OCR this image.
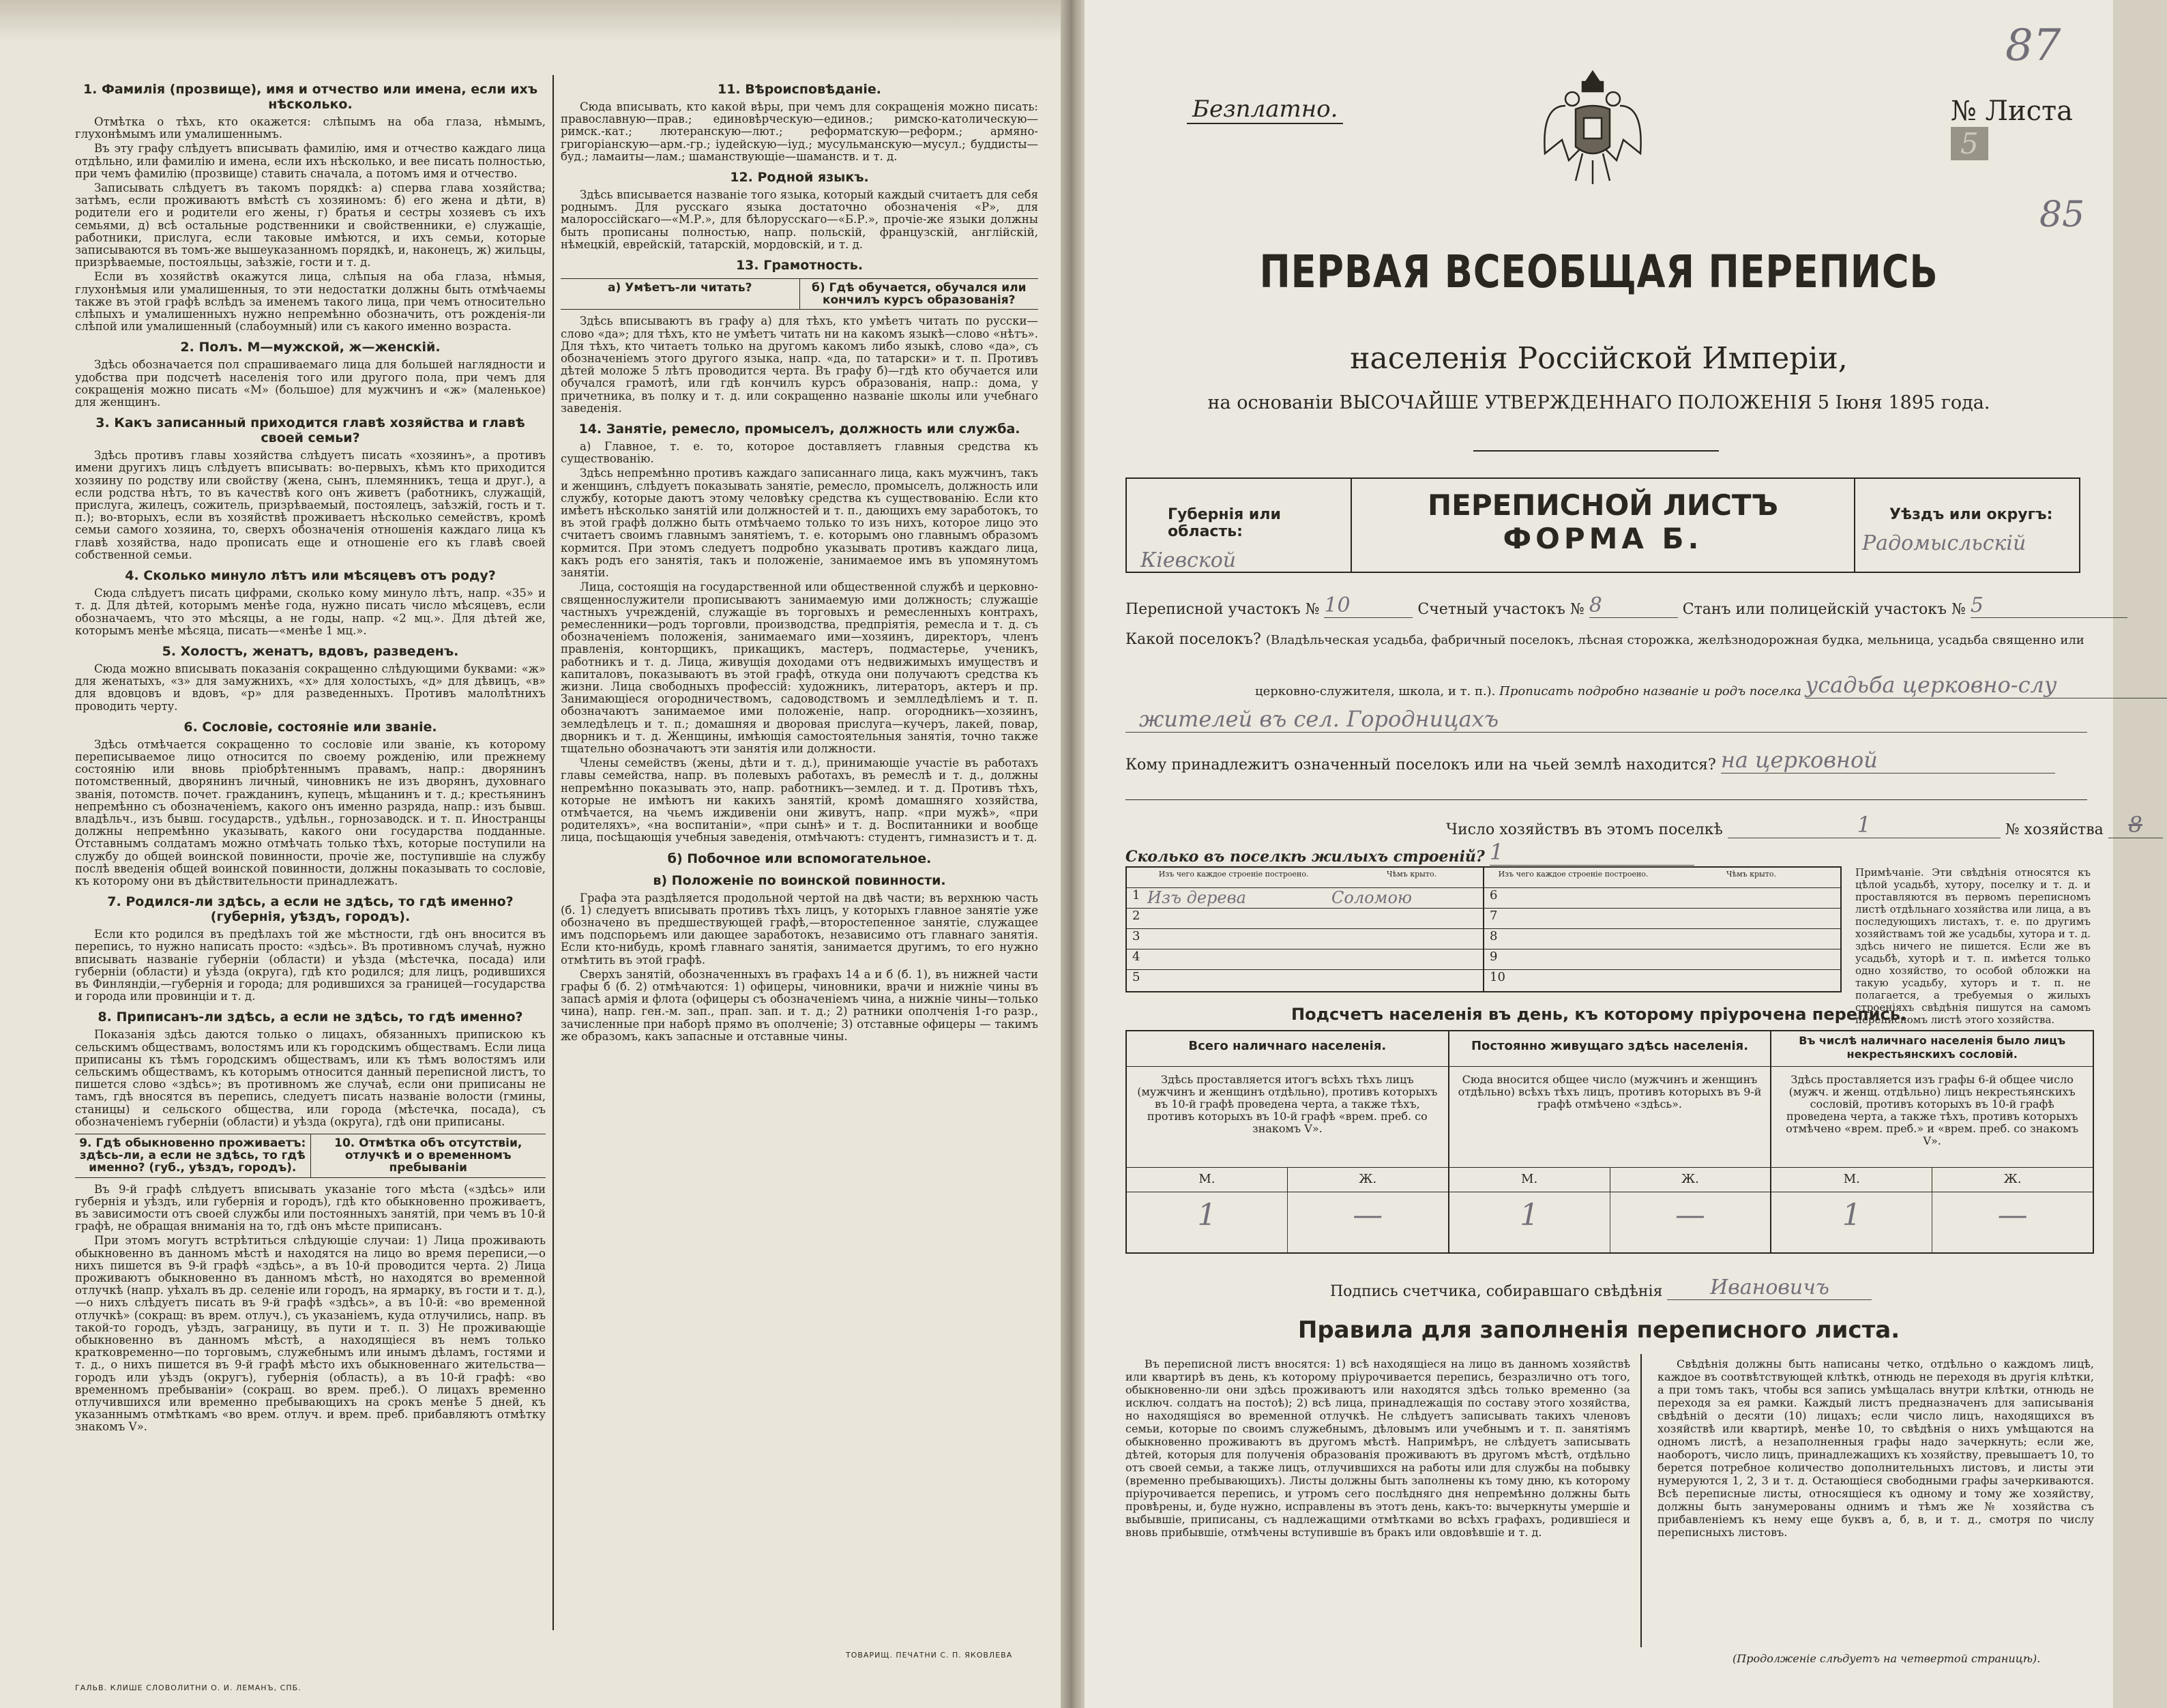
1. Фамилія (прозвище), имя и отчество или имена, если ихъ нѣсколько.

Отмѣтка о тѣхъ, кто окажется: слѣпымъ на оба глаза, нѣмымъ, глухонѣмымъ или умалишеннымъ.

Въ эту графу слѣдуетъ вписывать фамилію, имя и отчество каждаго лица отдѣльно, или фамилію и имена, если ихъ нѣсколько, и вее писать полностью, при чемъ фамилію (прозвище) ставить сначала, а потомъ имя и отчество.

Записывать слѣдуетъ въ такомъ порядкѣ: а) сперва глава хозяйства; затѣмъ, если проживаютъ вмѣстѣ съ хозяиномъ: б) его жена и дѣти, в) родители его и родители его жены, г) братья и сестры хозяевъ съ ихъ семьями, д) всѣ остальные родственники и свойственники, е) служащіе, работники, прислуга, если таковые имѣются, и ихъ семьи, которые записываются въ томъ-же вышеуказанномъ порядкѣ, и, наконецъ, ж) жильцы, призрѣваемые, постояльцы, заѣзжіе, гости и т. д.

Если въ хозяйствѣ окажутся лица, слѣпыя на оба глаза, нѣмыя, глухонѣмыя или умалишенныя, то эти недостатки должны быть отмѣчаемы также въ этой графѣ вслѣдъ за именемъ такого лица, при чемъ относительно слѣпыхъ и умалишенныхъ нужно непремѣнно обозначить, отъ рожденія-ли слѣпой или умалишенный (слабоумный) или съ какого именно возраста.

2. Полъ. М—мужской, ж—женскій.

Здѣсь обозначается пол спрашиваемаго лица для большей наглядности и удобства при подсчетѣ населенія того или другого пола, при чемъ для сокращенія можно писать «М» (большое) для мужчинъ и «ж» (маленькое) для женщинъ.

3. Какъ записанный приходится главѣ хозяйства и главѣ своей семьи?

Здѣсь противъ главы хозяйства слѣдуетъ писать «хозяинъ», а противъ имени другихъ лицъ слѣдуетъ вписывать: во-первыхъ, кѣмъ кто приходится хозяину по родству или свойству (жена, сынъ, племянникъ, теща и друг.), а если родства нѣтъ, то въ качествѣ кого онъ живетъ (работникъ, служащій, прислуга, жилецъ, сожитель, призрѣваемый, постоялецъ, заѣзжій, гость и т. п.); во-вторыхъ, если въ хозяйствѣ проживаетъ нѣсколько семействъ, кромѣ семьи самого хозяина, то, сверхъ обозначенія отношенія каждаго лица къ главѣ хозяйства, надо прописать еще и отношеніе его къ главѣ своей собственной семьи.

4. Сколько минуло лѣтъ или мѣсяцевъ отъ роду?

Сюда слѣдуетъ писать цифрами, сколько кому минуло лѣтъ, напр. «35» и т. д. Для дѣтей, которымъ менѣе года, нужно писать число мѣсяцевъ, если обозначаемъ, что это мѣсяцы, а не годы, напр. «2 мц.». Для дѣтей же, которымъ менѣе мѣсяца, писать—«менѣе 1 мц.».

5. Холостъ, женатъ, вдовъ, разведенъ.

Сюда можно вписывать показанія сокращенно слѣдующими буквами: «ж» для женатыхъ, «з» для замужнихъ, «х» для холостыхъ, «д» для дѣвицъ, «в» для вдовцовъ и вдовъ, «р» для разведенныхъ. Противъ малолѣтнихъ проводить черту.

6. Сословіе, состояніе или званіе.

Здѣсь отмѣчается сокращенно то сословіе или званіе, къ которому переписываемое лицо относится по своему рожденію, или прежнему состоянію или вновь пріобрѣтеннымъ правамъ, напр.: дворянинъ потомственный, дворянинъ личный, чиновникъ не изъ дворянъ, духовнаго званія, потомств. почет. гражданинъ, купецъ, мѣщанинъ и т. д.; крестьянинъ непремѣнно съ обозначеніемъ, какого онъ именно разряда, напр.: изъ бывш. владѣльч., изъ бывш. государств., удѣльн., горнозаводск. и т. п. Иностранцы должны непремѣнно указывать, какого они государства подданные. Отставнымъ солдатамъ можно отмѣчать только тѣхъ, которые поступили на службу до общей воинской повинности, прочіе же, поступившіе на службу послѣ введенія общей воинской повинности, должны показывать то сословіе, къ которому они въ дѣйствительности принадлежатъ.

7. Родился-ли здѣсь, а если не здѣсь, то гдѣ именно? (губернія, уѣздъ, городъ).

Если кто родился въ предѣлахъ той же мѣстности, гдѣ онъ вносится въ перепись, то нужно написать просто: «здѣсь». Въ противномъ случаѣ, нужно вписывать названіе губерніи (области) и уѣзда (мѣстечка, посада) или губерніи (области) и уѣзда (округа), гдѣ кто родился; для лицъ, родившихся въ Финляндіи,—губернія и города; для родившихся за границей—государства и города или провинціи и т. д.

8. Приписанъ-ли здѣсь, а если не здѣсь, то гдѣ именно?

Показанія здѣсь даются только о лицахъ, обязанныхъ припискою къ сельскимъ обществамъ, волостямъ или къ городскимъ обществамъ. Если лица приписаны къ тѣмъ городскимъ обществамъ, или къ тѣмъ волостямъ или сельскимъ обществамъ, къ которымъ относится данный переписной листъ, то пишется слово «здѣсь»; въ противномъ же случаѣ, если они приписаны не тамъ, гдѣ вносятся въ перепись, следуетъ писать названіе волости (гмины, станицы) и сельского общества, или города (мѣстечка, посада), съ обозначеніемъ губерніи (области) и уѣзда (округа), гдѣ они приписаны.

9. Гдѣ обыкновенно проживаетъ: здѣсь-ли, а если не здѣсь, то гдѣ именно? (губ., уѣздъ, городъ).
10. Отмѣтка объ отсутствіи, отлучкѣ и о временномъ пребываніи

Въ 9-й графѣ слѣдуетъ вписывать указаніе того мѣста («здѣсь» или губернія и уѣздъ, или губернія и городъ), гдѣ кто обыкновенно проживаетъ, въ зависимости отъ своей службы или постоянныхъ занятій, при чемъ въ 10-й графѣ, не обращая вниманія на то, гдѣ онъ мѣсте приписанъ.

При этомъ могутъ встрѣтиться слѣдующіе случаи: 1) Лица проживають обыкновенно въ данномъ мѣстѣ и находятся на лицо во время переписи,—о нихъ пишется въ 9-й графѣ «здѣсь», а въ 10-й проводится черта. 2) Лица проживаютъ обыкновенно въ данномъ мѣстѣ, но находятся во временной отлучкѣ (напр. уѣхалъ въ др. селеніе или городъ, на ярмарку, въ гости и т. д.),—о нихъ слѣдуетъ писать въ 9-й графѣ «здѣсь», а въ 10-й: «во временной отлучкѣ» (сокращ: въ врем. отлуч.), съ указаніемъ, куда отлучились, напр. въ такой-то городъ, уѣздъ, заграницу, въ пути и т. п. 3) Не проживающіе обыкновенно въ данномъ мѣстѣ, а находящіеся въ немъ только кратковременно—по торговымъ, служебнымъ или инымъ дѣламъ, гостями и т. д., о нихъ пишется въ 9-й графѣ мѣсто ихъ обыкновеннаго жительства—городъ или уѣздъ (округъ), губернія (область), а въ 10-й графѣ: «во временномъ пребываніи» (сокращ. во врем. преб.). О лицахъ временно отлучившихся или временно пребывающихъ на срокъ менѣе 5 дней, къ указаннымъ отмѣткамъ «во врем. отлуч. и врем. преб. прибавляютъ отмѣтку знакомъ V».

11. Вѣроисповѣданіе.

Сюда вписывать, кто какой вѣры, при чемъ для сокращенія можно писать: православную—прав.; единовѣрческую—единов.; римско-католическую—римск.-кат.; лютеранскую—лют.; реформатскую—реформ.; армяно-григоріанскую—арм.-гр.; іудейскую—іуд.; мусульманскую—мусул.; буддисты—буд.; ламаиты—лам.; шаманствующіе—шаманств. и т. д.

12. Родной языкъ.

Здѣсь вписывается названіе того языка, который каждый считаетъ для себя роднымъ. Для русскаго языка достаточно обозначенія «Р», для малороссійскаго—«М.Р.», для бѣлорусскаго—«Б.Р.», прочіе-же языки должны быть прописаны полностью, напр. польскій, французскій, англійскій, нѣмецкій, еврейскій, татарскій, мордовскій, и т. д.

13. Грамотность.
а) Умѣетъ-ли читать?	б) Гдѣ обучается, обучался или кончилъ курсъ образованія?

Здѣсь вписываютъ въ графу а) для тѣхъ, кто умѣетъ читать по русски—слово «да»; для тѣхъ, кто не умѣетъ читать ни на какомъ языкѣ—слово «нѣтъ». Для тѣхъ, кто читаетъ только на другомъ какомъ либо языкѣ, слово «да», съ обозначеніемъ этого другого языка, напр. «да, по татарски» и т. п. Противъ дѣтей моложе 5 лѣтъ проводится черта. Въ графу б)—гдѣ кто обучается или обучался грамотѣ, или гдѣ кончилъ курсъ образованія, напр.: дома, у причетника, въ полку и т. д. или сокращенно названіе школы или учебнаго заведенія.

14. Занятіе, ремесло, промыселъ, должность или служба.

а) Главное, т. е. то, которое доставляетъ главныя средства къ существованію.

Здѣсь непремѣнно противъ каждаго записаннаго лица, какъ мужчинъ, такъ и женщинъ, слѣдуетъ показывать занятіе, ремесло, промыселъ, должность или службу, которые даютъ этому человѣку средства къ существованію. Если кто имѣетъ нѣсколько занятій или должностей и т. п., дающихъ ему заработокъ, то въ этой графѣ должно быть отмѣчаемо только то изъ нихъ, которое лицо это считаетъ своимъ главнымъ занятіемъ, т. е. которымъ оно главнымъ образомъ кормится. При этомъ следуетъ подробно указывать противъ каждаго лица, какъ родъ его занятія, такъ и положеніе, занимаемое имъ въ упомянутомъ занятіи.

Лица, состоящія на государственной или общественной службѣ и церковно-священнослужители прописываютъ занимаемую ими должность; служащіе частныхъ учрежденій, служащіе въ торговыхъ и ремесленныхъ контрахъ, ремесленники—родъ торговли, производства, предпріятія, ремесла и т. д. съ обозначеніемъ положенія, занимаемаго ими—хозяинъ, директоръ, членъ правленія, конторщикъ, прикащикъ, мастеръ, подмастерье, ученикъ, работникъ и т. д. Лица, живущія доходами отъ недвижимыхъ имуществъ и капиталовъ, показываютъ въ этой графѣ, откуда они получаютъ средства къ жизни. Лица свободныхъ профессій: художникъ, литераторъ, актеръ и пр. Занимающіеся огородничествомъ, садоводствомъ и землледѣліемъ и т. п. обозначаютъ занимаемое ими положеніе, напр. огородникъ—хозяинъ, земледѣлецъ и т. п.; домашняя и дворовая прислуга—кучеръ, лакей, повар, дворникъ и т. д. Женщины, имѣющія самостоятельныя занятія, точно также тщательно обозначаютъ эти занятія или должности.

Члены семействъ (жены, дѣти и т. д.), принимающіе участіе въ работахъ главы семейства, напр. въ полевыхъ работахъ, въ ремеслѣ и т. д., должны непремѣнно показывать это, напр. работникъ—землед. и т. д. Противъ тѣхъ, которые не имѣютъ ни какихъ занятій, кромѣ домашняго хозяйства, отмѣчается, на чьемъ иждивеніи они живутъ, напр. «при мужѣ», «при родителяхъ», «на воспитаніи», «при сынѣ» и т. д. Воспитанники и вообще лица, посѣщающія учебныя заведенія, отмѣчаютъ: студентъ, гимназистъ и т. д.

б) Побочное или вспомогательное.
в) Положеніе по воинской повинности.

Графа эта раздѣляется продольной чертой на двѣ части; въ верхнюю часть (б. 1) следуетъ вписывать противъ тѣхъ лицъ, у которыхъ главное занятіе уже обозначено въ предшествующей графѣ,—второстепенное занятіе, служащее имъ подспорьемъ или дающее заработокъ, независимо отъ главнаго занятія. Если кто-нибудь, кромѣ главнаго занятія, занимается другимъ, то его нужно отмѣтить въ этой графѣ.

Сверхъ занятій, обозначенныхъ въ графахъ 14 а и б (б. 1), въ нижней части графы б (б. 2) отмѣчаются: 1) офицеры, чиновники, врачи и нижніе чины въ запасѣ армія и флота (офицеры съ обозначеніемъ чина, а нижніе чины—только чина), напр. ген.-м. зап., прап. зап. и т. д.; 2) ратники ополченія 1-го разр., зачисленные при наборѣ прямо въ ополченіе; 3) отставные офицеры — такимъ же образомъ, какъ запасные и отставные чины.

ГАЛЬВ. КЛИШЕ СЛОВОЛИТНИ О. И. ЛЕМАНЪ, СПБ.
ТОВАРИЩ. ПЕЧАТНИ С. П. ЯКОВЛЕВА
87
85
Безплатно.	№ Листа 5
ПЕРВАЯ ВСЕОБЩАЯ ПЕРЕПИСЬ
населенія Россійской Имперіи,
на основаніи ВЫСОЧАЙШЕ УТВЕРЖДЕННАГО ПОЛОЖЕНІЯ 5 Іюня 1895 года.
Губернія или область:
Кіевской
ПЕРЕПИСНОЙ ЛИСТЪ
ФОРМА Б.
Уѣздъ или округъ:
Радомысльскій
Переписной участокъ № 10	Счетный участокъ № 8	Станъ или полицейскій участокъ № 5
Какой поселокъ? (Владѣльческая усадьба, фабричный поселокъ, лѣсная сторожка, желѣзнодорожная будка, мельница, усадьба священно или
церковно-служителя, школа, и т. п.). Прописать подробно названіе и родъ поселка усадьба церковно-слу
жителей въ сел. Городницахъ
Кому принадлежитъ означенный поселокъ или на чьей землѣ находится? на церковной
Число хозяйствъ въ этомъ поселкѣ	1	№ хозяйства 8
Сколько въ поселкѣ жилыхъ строеній? 1
Изъ чего каждое строеніе построено.	Чѣмъ крыто.
1 Изъ дерева	Соломою
2
3
4
5
Изъ чего каждое строеніе построено.	Чѣмъ крыто.
6
7
8
9
10
Примѣчаніе. Эти свѣдѣнія относятся къ цѣлой усадьбѣ, хутору, поселку и т. д. и проставляются въ первомъ переписномъ листѣ отдѣльнаго хозяйства или лица, а въ последующихъ листахъ, т. е. по другимъ хозяйствамъ той же усадьбы, хутора и т. д. здѣсь ничего не пишется. Если же въ усадьбѣ, хуторѣ и т. п. имѣется только одно хозяйство, то особой обложки на такую усадьбу, хуторъ и т. п. не полагается, а требуемыя о жилыхъ строеніяхъ свѣдѣнія пишутся на самомъ переписномъ листѣ этого хозяйства.
Подсчетъ населенія въ день, къ которому пріурочена перепись.
Всего наличнаго населенія.
Здѣсь проставляется итогъ всѣхъ тѣхъ лицъ (мужчинъ и женщинъ отдѣльно), противъ которыхъ въ 10-й графѣ проведена черта, а также тѣхъ, противъ которыхъ въ 10-й графѣ «врем. преб. со знакомъ V».
М.	Ж.
1	—
Постоянно живущаго здѣсь населенія.
Сюда вносится общее число (мужчинъ и женщинъ отдѣльно) всѣхъ тѣхъ лицъ, противъ которыхъ въ 9-й графѣ отмѣчено «здѣсь».
М.	Ж.
1	—
Въ числѣ наличнаго населенія было лицъ некрестьянскихъ сословій.
Здѣсь проставляется изъ графы 6-й общее число (мужч. и женщ. отдѣльно) лицъ некрестьянскихъ сословій, противъ которыхъ въ 10-й графѣ проведена черта, а также тѣхъ, противъ которыхъ отмѣчено «врем. преб.» и «врем. преб. со знакомъ V».
М.	Ж.
1	—
Подпись счетчика, собиравшаго свѣдѣнія Ивановичъ
Правила для заполненія переписного листа.
Въ переписной листъ вносятся: 1) всѣ находящіеся на лицо въ данномъ хозяйствѣ или квартирѣ въ день, къ которому пріурочивается перепись, безразлично отъ того, обыкновенно-ли они здѣсь проживаютъ или находятся здѣсь только временно (за исключ. солдатъ на постоѣ); 2) всѣ лица, принадлежащія по составу этого хозяйства, но находящіяся во временной отлучкѣ. Не слѣдуетъ записывать такихъ членовъ семьи, которые по своимъ служебнымъ, дѣловымъ или учебнымъ и т. п. занятіямъ обыкновенно проживаютъ въ другомъ мѣстѣ. Напримѣръ, не слѣдуетъ записывать дѣтей, которыя для полученія образованія проживаютъ въ другомъ мѣстѣ, отдѣльно отъ своей семьи, а также лицъ, отлучившихся на работы или для службы на побывку (временно пребывающихъ). Листы должны быть заполнены къ тому дню, къ которому пріурочивается перепись, и утромъ сего послѣдняго дня непремѣнно должны быть провѣрены, и, буде нужно, исправлены въ этотъ день, какъ-то: вычеркнуты умершіе и выбывшіе, приписаны, съ надлежащими отмѣтками во всѣхъ графахъ, родившіеся и вновь прибывшіе, отмѣчены вступившіе въ бракъ или овдовѣвшіе и т. д.
Свѣдѣнія должны быть написаны четко, отдѣльно о каждомъ лицѣ, каждое въ соотвѣтствующей клѣткѣ, отнюдь не переходя въ другія клѣтки, а при томъ такъ, чтобы вся запись умѣщалась внутри клѣтки, отнюдь не переходя за ея рамки. Каждый листъ предназначенъ для записыванія свѣдѣній о десяти (10) лицахъ; если число лицъ, находящихся въ хозяйствѣ или квартирѣ, менѣе 10, то свѣдѣнія о нихъ умѣщаются на одномъ листѣ, а незаполненныя графы надо зачеркнуть; если же, наоборотъ, число лицъ, принадлежащихъ къ хозяйству, превышаетъ 10, то берется потребное количество дополнительныхъ листовъ, и листы эти нумеруются 1, 2, 3 и т. д. Остающіеся свободными графы зачеркиваются. Всѣ переписные листы, относящіеся къ одному и тому же хозяйству, должны быть занумерованы однимъ и тѣмъ же № хозяйства съ прибавленіемъ къ нему еще буквъ а, б, в, и т. д., смотря по числу переписныхъ листовъ.
(Продолженіе слѣдуетъ на четвертой страницѣ).
